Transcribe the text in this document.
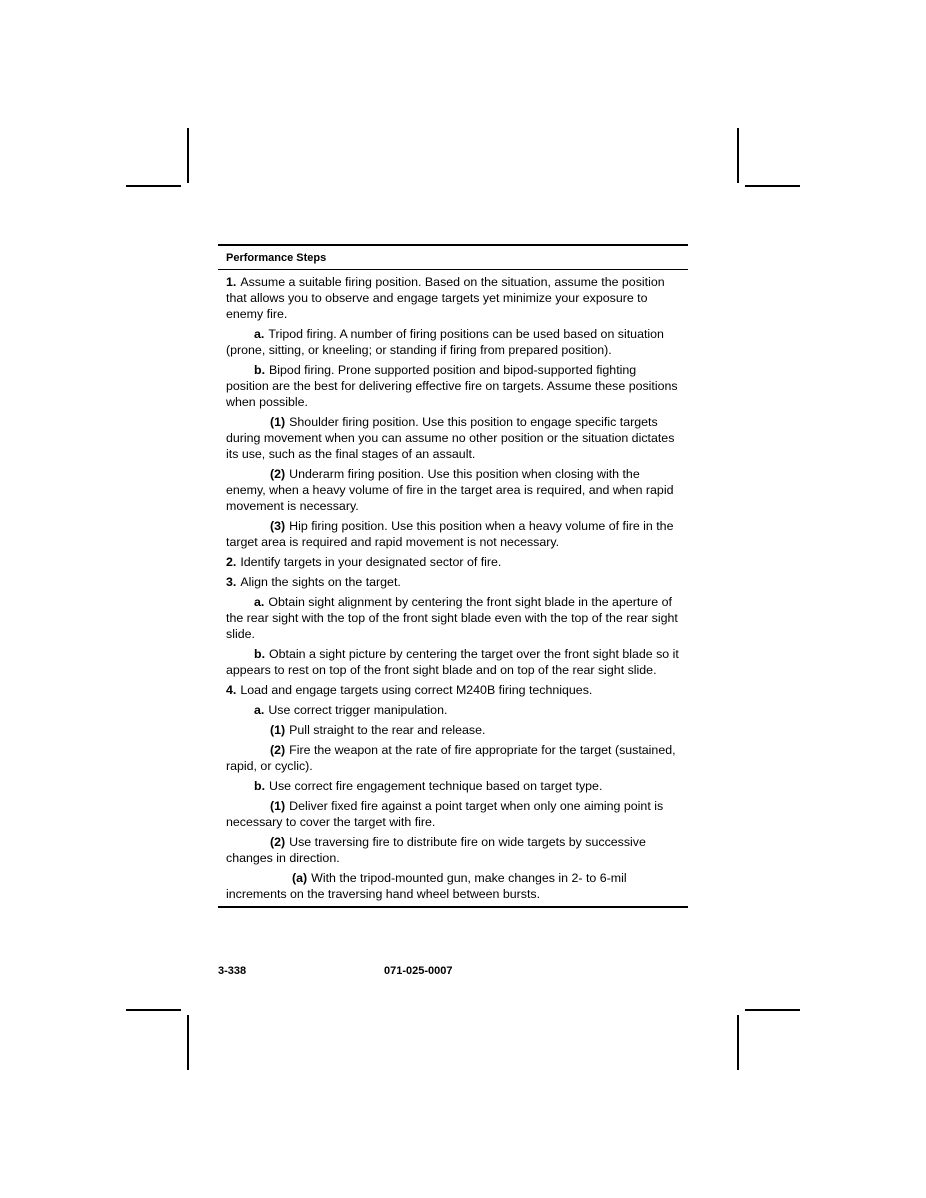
Performance Steps
1. Assume a suitable firing position. Based on the situation, assume the position that allows you to observe and engage targets yet minimize your exposure to enemy fire.
a. Tripod firing. A number of firing positions can be used based on situation (prone, sitting, or kneeling; or standing if firing from prepared position).
b. Bipod firing. Prone supported position and bipod-supported fighting position are the best for delivering effective fire on targets. Assume these positions when possible.
(1) Shoulder firing position. Use this position to engage specific targets during movement when you can assume no other position or the situation dictates its use, such as the final stages of an assault.
(2) Underarm firing position. Use this position when closing with the enemy, when a heavy volume of fire in the target area is required, and when rapid movement is necessary.
(3) Hip firing position. Use this position when a heavy volume of fire in the target area is required and rapid movement is not necessary.
2. Identify targets in your designated sector of fire.
3. Align the sights on the target.
a. Obtain sight alignment by centering the front sight blade in the aperture of the rear sight with the top of the front sight blade even with the top of the rear sight slide.
b. Obtain a sight picture by centering the target over the front sight blade so it appears to rest on top of the front sight blade and on top of the rear sight slide.
4. Load and engage targets using correct M240B firing techniques.
a. Use correct trigger manipulation.
(1) Pull straight to the rear and release.
(2) Fire the weapon at the rate of fire appropriate for the target (sustained, rapid, or cyclic).
b. Use correct fire engagement technique based on target type.
(1) Deliver fixed fire against a point target when only one aiming point is necessary to cover the target with fire.
(2) Use traversing fire to distribute fire on wide targets by successive changes in direction.
(a) With the tripod-mounted gun, make changes in 2- to 6-mil increments on the traversing hand wheel between bursts.
3-338	071-025-0007
